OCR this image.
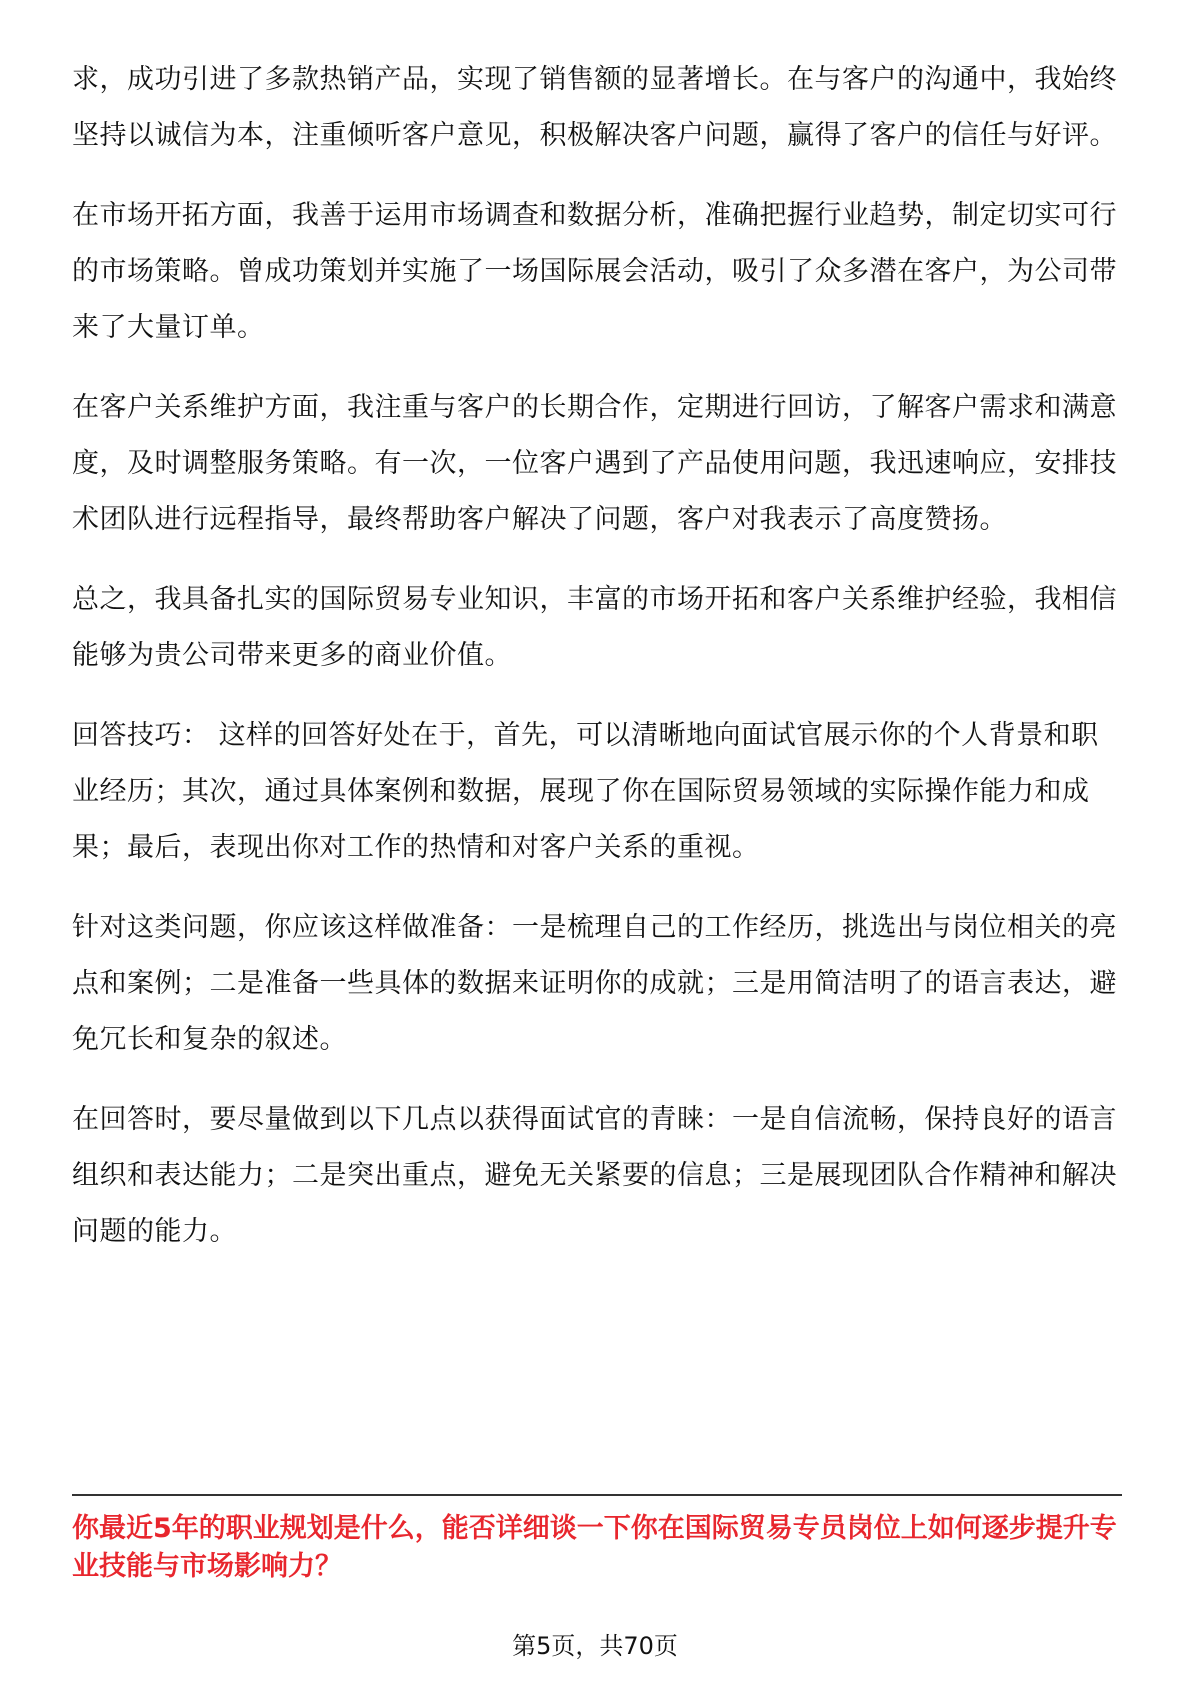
求，成功引进了多款热销产品，实现了销售额的显著增长。在与客户的沟通中，我始终坚持以诚信为本，注重倾听客户意见，积极解决客户问题，赢得了客户的信任与好评。

在市场开拓方面，我善于运用市场调查和数据分析，准确把握行业趋势，制定切实可行的市场策略。曾成功策划并实施了一场国际展会活动，吸引了众多潜在客户，为公司带来了大量订单。

在客户关系维护方面，我注重与客户的长期合作，定期进行回访，了解客户需求和满意度，及时调整服务策略。有一次，一位客户遇到了产品使用问题，我迅速响应，安排技术团队进行远程指导，最终帮助客户解决了问题，客户对我表示了高度赞扬。

总之，我具备扎实的国际贸易专业知识，丰富的市场开拓和客户关系维护经验，我相信能够为贵公司带来更多的商业价值。

回答技巧： 这样的回答好处在于，首先，可以清晰地向面试官展示你的个人背景和职业经历；其次，通过具体案例和数据，展现了你在国际贸易领域的实际操作能力和成果；最后，表现出你对工作的热情和对客户关系的重视。

针对这类问题，你应该这样做准备：一是梳理自己的工作经历，挑选出与岗位相关的亮点和案例；二是准备一些具体的数据来证明你的成就；三是用简洁明了的语言表达，避免冗长和复杂的叙述。

在回答时，要尽量做到以下几点以获得面试官的青睐：一是自信流畅，保持良好的语言组织和表达能力；二是突出重点，避免无关紧要的信息；三是展现团队合作精神和解决问题的能力。

你最近5年的职业规划是什么，能否详细谈一下你在国际贸易专员岗位上如何逐步提升专业技能与市场影响力？

第5页，共70页
